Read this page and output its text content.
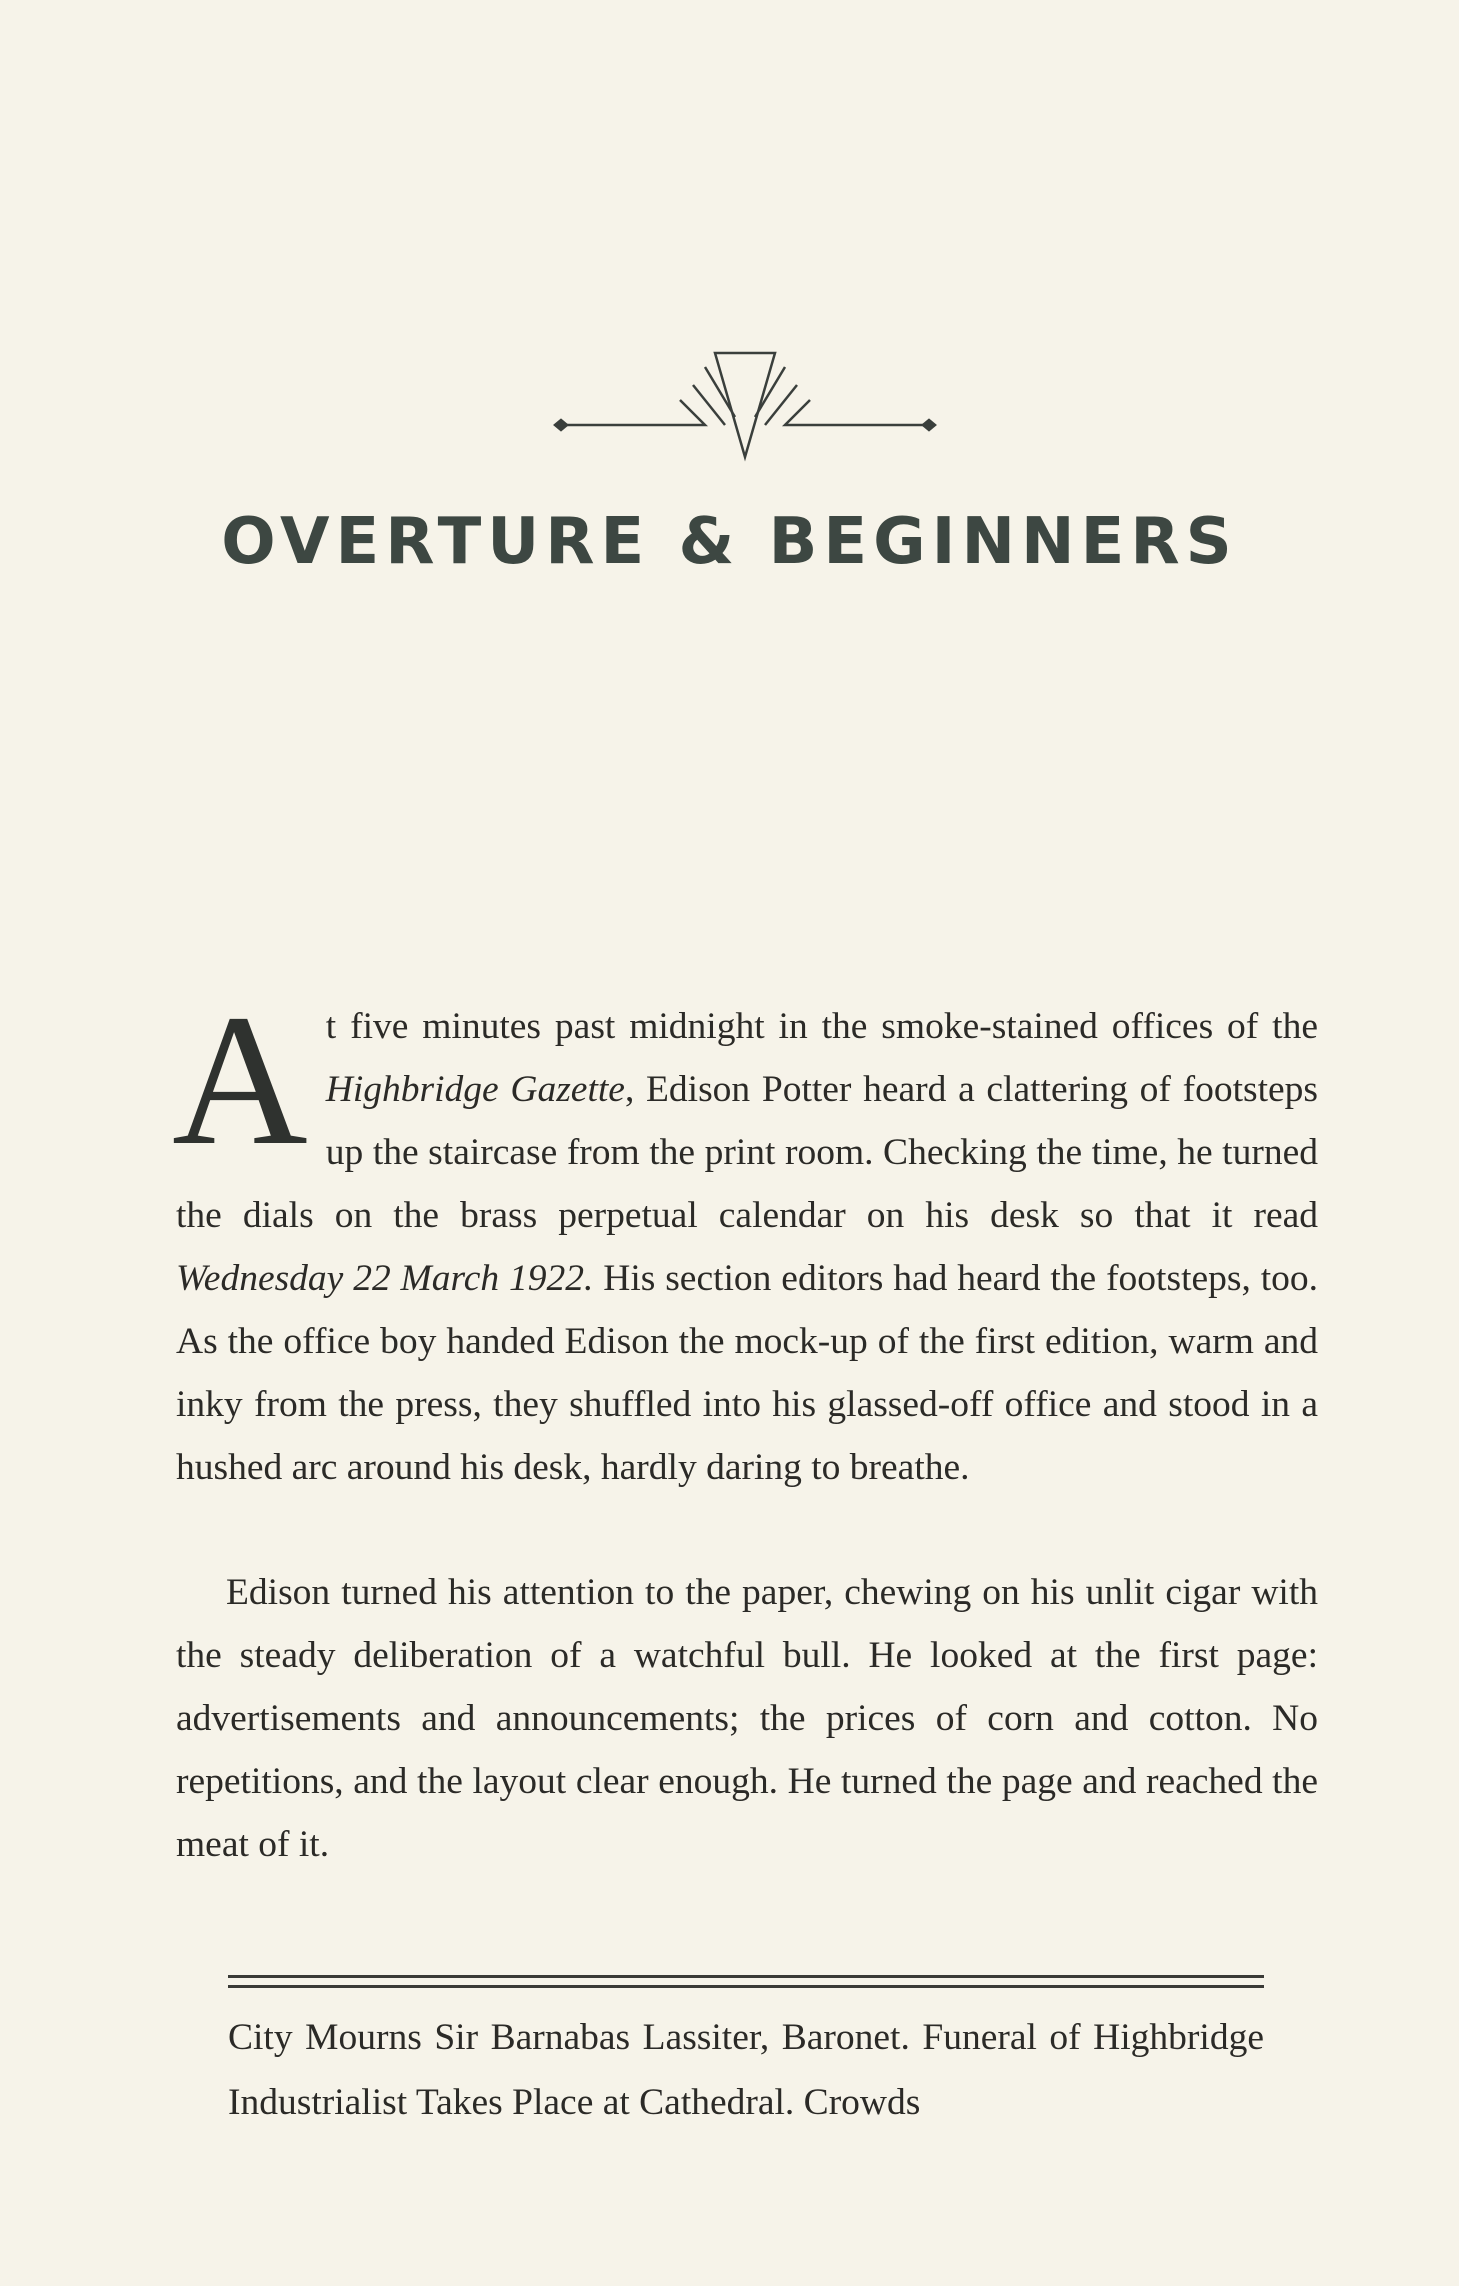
OVERTURE & BEGINNERS

At five minutes past midnight in the smoke-stained offices of the Highbridge Gazette, Edison Potter heard a clattering of footsteps up the staircase from the print room. Checking the time, he turned the dials on the brass perpetual calendar on his desk so that it read Wednesday 22 March 1922. His section editors had heard the footsteps, too. As the office boy handed Edison the mock-up of the first edition, warm and inky from the press, they shuffled into his glassed-off office and stood in a hushed arc around his desk, hardly daring to breathe.

Edison turned his attention to the paper, chewing on his unlit cigar with the steady deliberation of a watchful bull. He looked at the first page: advertisements and announcements; the prices of corn and cotton. No repetitions, and the layout clear enough. He turned the page and reached the meat of it.

City Mourns Sir Barnabas Lassiter, Baronet. Funeral of Highbridge Industrialist Takes Place at Cathedral. Crowds
